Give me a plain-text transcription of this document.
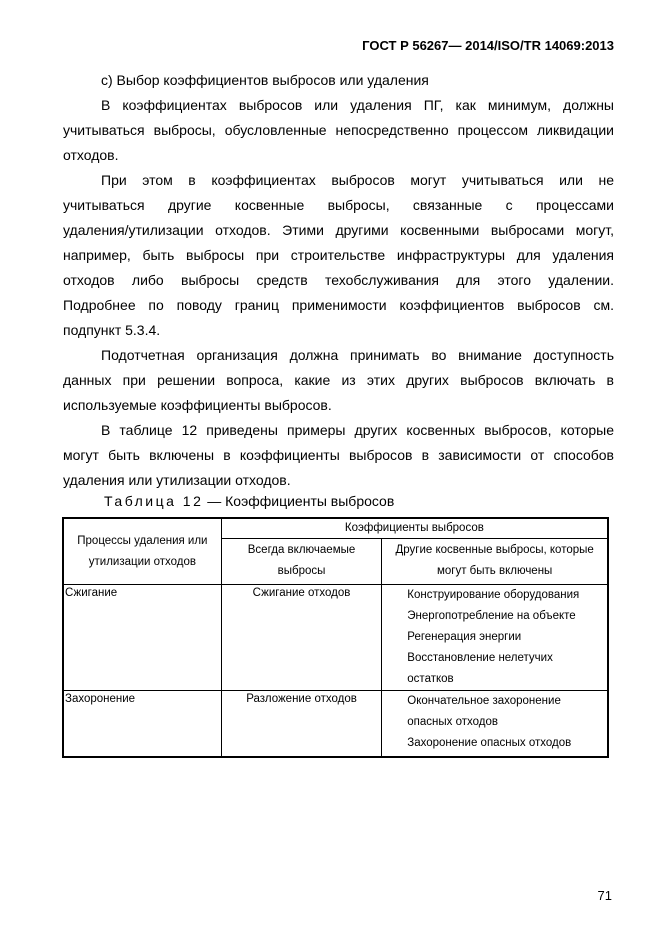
ГОСТ Р 56267— 2014/ISO/TR 14069:2013
с) Выбор коэффициентов выбросов или удаления
В коэффициентах выбросов или удаления ПГ, как минимум, должны
учитываться выбросы, обусловленные непосредственно процессом ликвидации
отходов.
При этом в коэффициентах выбросов могут учитываться или не
учитываться другие косвенные выбросы, связанные с процессами
удаления/утилизации отходов. Этими другими косвенными выбросами могут,
например, быть выбросы при строительстве инфраструктуры для удаления
отходов либо выбросы средств техобслуживания для этого удалении.
Подробнее по поводу границ применимости коэффициентов выбросов см.
подпункт 5.3.4.
Подотчетная организация должна принимать во внимание доступность
данных при решении вопроса, какие из этих других выбросов включать в
используемые коэффициенты выбросов.
В таблице 12 приведены примеры других косвенных выбросов, которые
могут быть включены в коэффициенты выбросов в зависимости от способов
удаления или утилизации отходов.
Таблица 12 — Коэффициенты выбросов
Процессы удаления или утилизации отходов	Коэффициенты выбросов	
	Всегда включаемые выбросы	Другие косвенные выбросы, которые могут быть включены
Сжигание	Сжигание отходов	Конструирование оборудования
Энергопотребление на объекте
Регенерация энергии
Восстановление нелетучих
остатков

Захоронение	Разложение отходов	Окончательное захоронение
опасных отходов
Захоронение опасных отходов
71
